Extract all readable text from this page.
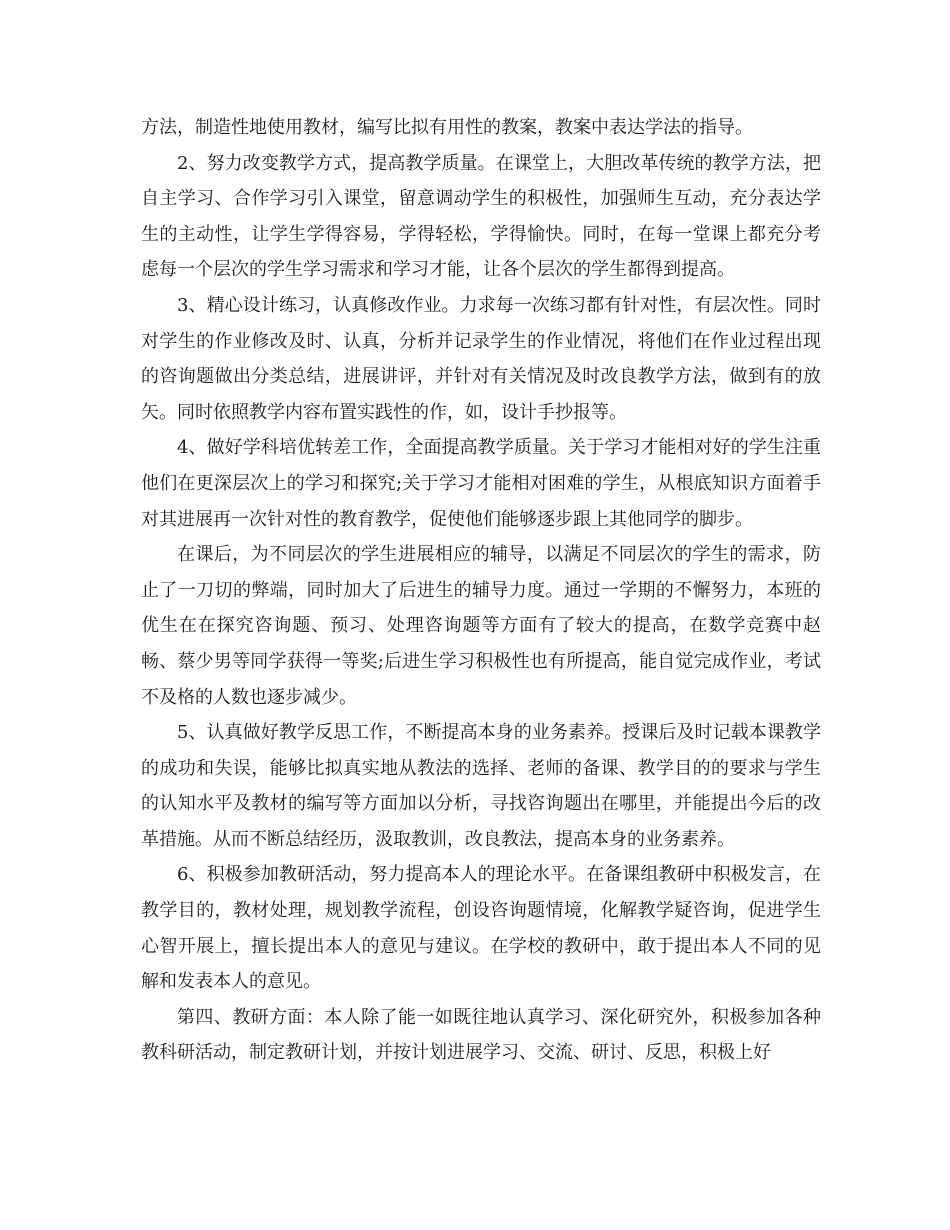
方法，制造性地使用教材，编写比拟有用性的教案，教案中表达学法的指导。

2、努力改变教学方式，提高教学质量。在课堂上，大胆改革传统的教学方法，把自主学习、合作学习引入课堂，留意调动学生的积极性，加强师生互动，充分表达学生的主动性，让学生学得容易，学得轻松，学得愉快。同时，在每一堂课上都充分考虑每一个层次的学生学习需求和学习才能，让各个层次的学生都得到提高。

3、精心设计练习，认真修改作业。力求每一次练习都有针对性，有层次性。同时对学生的作业修改及时、认真，分析并记录学生的作业情况，将他们在作业过程出现的咨询题做出分类总结，进展讲评，并针对有关情况及时改良教学方法，做到有的放矢。同时依照教学内容布置实践性的作，如，设计手抄报等。

4、做好学科培优转差工作，全面提高教学质量。关于学习才能相对好的学生注重他们在更深层次上的学习和探究;关于学习才能相对困难的学生，从根底知识方面着手对其进展再一次针对性的教育教学，促使他们能够逐步跟上其他同学的脚步。

在课后，为不同层次的学生进展相应的辅导，以满足不同层次的学生的需求，防止了一刀切的弊端，同时加大了后进生的辅导力度。通过一学期的不懈努力，本班的优生在在探究咨询题、预习、处理咨询题等方面有了较大的提高，在数学竞赛中赵畅、蔡少男等同学获得一等奖;后进生学习积极性也有所提高，能自觉完成作业，考试不及格的人数也逐步减少。

5、认真做好教学反思工作，不断提高本身的业务素养。授课后及时记载本课教学的成功和失误，能够比拟真实地从教法的选择、老师的备课、教学目的的要求与学生的认知水平及教材的编写等方面加以分析，寻找咨询题出在哪里，并能提出今后的改革措施。从而不断总结经历，汲取教训，改良教法，提高本身的业务素养。

6、积极参加教研活动，努力提高本人的理论水平。在备课组教研中积极发言，在教学目的，教材处理，规划教学流程，创设咨询题情境，化解教学疑咨询，促进学生心智开展上，擅长提出本人的意见与建议。在学校的教研中，敢于提出本人不同的见解和发表本人的意见。

第四、教研方面：本人除了能一如既往地认真学习、深化研究外，积极参加各种教科研活动，制定教研计划，并按计划进展学习、交流、研讨、反思，积极上好
